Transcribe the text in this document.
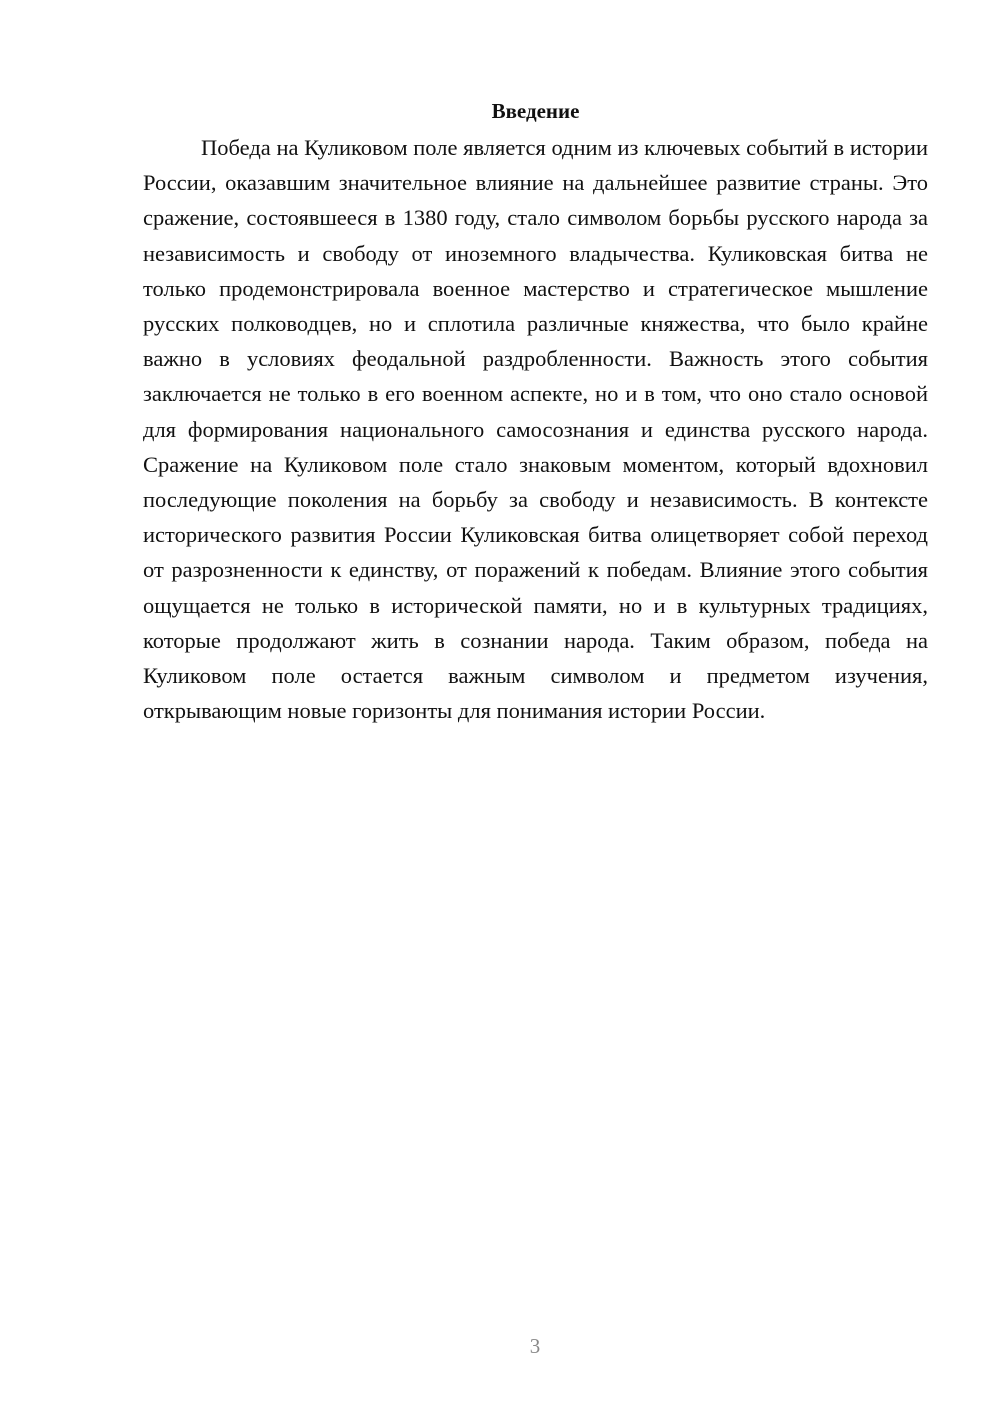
Введение

Победа на Куликовом поле является одним из ключевых событий в истории России, оказавшим значительное влияние на дальнейшее развитие страны. Это сражение, состоявшееся в 1380 году, стало символом борьбы русского народа за независимость и свободу от иноземного владычества. Куликовская битва не только продемонстрировала военное мастерство и стратегическое мышление русских полководцев, но и сплотила различные княжества, что было крайне важно в условиях феодальной раздробленности. Важность этого события заключается не только в его военном аспекте, но и в том, что оно стало основой для формирования национального самосознания и единства русского народа. Сражение на Куликовом поле стало знаковым моментом, который вдохновил последующие поколения на борьбу за свободу и независимость. В контексте исторического развития России Куликовская битва олицетворяет собой переход от разрозненности к единству, от поражений к победам. Влияние этого события ощущается не только в исторической памяти, но и в культурных традициях, которые продолжают жить в сознании народа. Таким образом, победа на Куликовом поле остается важным символом и предметом изучения, открывающим новые горизонты для понимания истории России.

3
